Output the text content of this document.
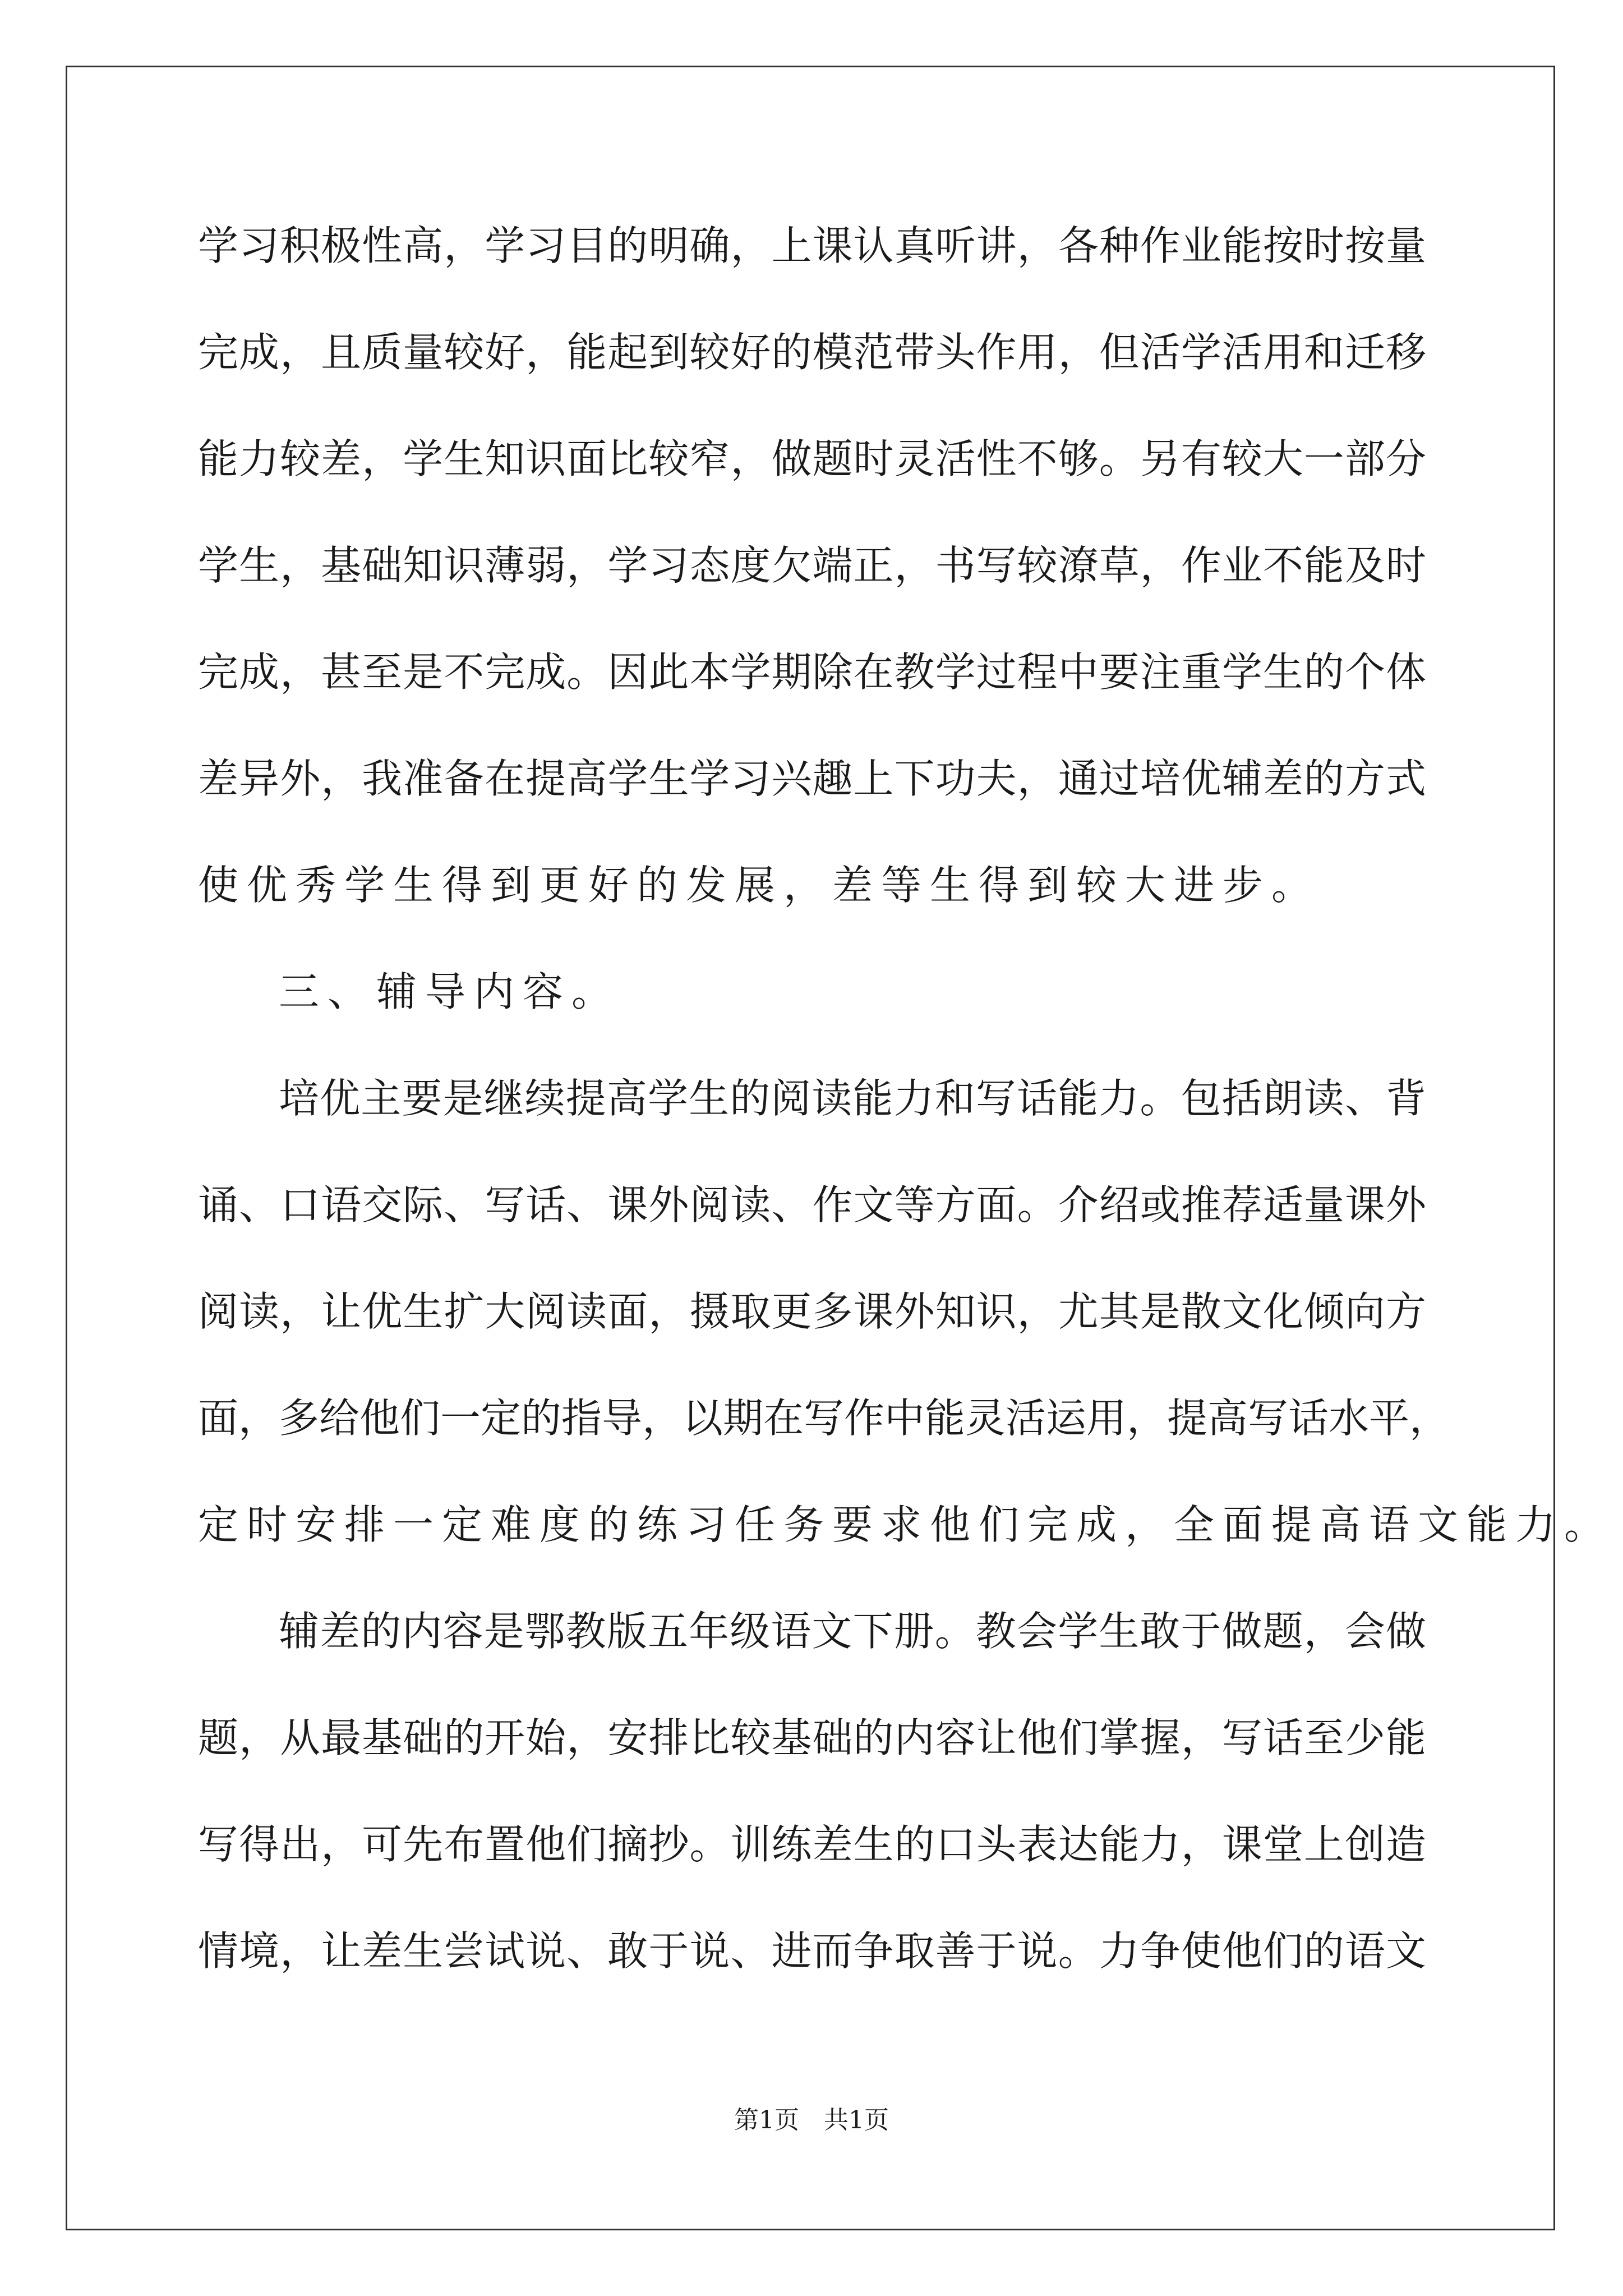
学习积极性高，学习目的明确，上课认真听讲，各种作业能按时按量
完成，且质量较好，能起到较好的模范带头作用，但活学活用和迁移
能力较差，学生知识面比较窄，做题时灵活性不够。另有较大一部分
学生，基础知识薄弱，学习态度欠端正，书写较潦草，作业不能及时
完成，甚至是不完成。因此本学期除在教学过程中要注重学生的个体
差异外，我准备在提高学生学习兴趣上下功夫，通过培优辅差的方式
使优秀学生得到更好的发展，差等生得到较大进步。
三、辅导内容。
培优主要是继续提高学生的阅读能力和写话能力。包括朗读、背
诵、口语交际、写话、课外阅读、作文等方面。介绍或推荐适量课外
阅读，让优生扩大阅读面，摄取更多课外知识，尤其是散文化倾向方
面，多给他们一定的指导，以期在写作中能灵活运用，提高写话水平，
定时安排一定难度的练习任务要求他们完成，全面提高语文能力。
辅差的内容是鄂教版五年级语文下册。教会学生敢于做题，会做
题，从最基础的开始，安排比较基础的内容让他们掌握，写话至少能
写得出，可先布置他们摘抄。训练差生的口头表达能力，课堂上创造
情境，让差生尝试说、敢于说、进而争取善于说。力争使他们的语文
第1页 共1页
